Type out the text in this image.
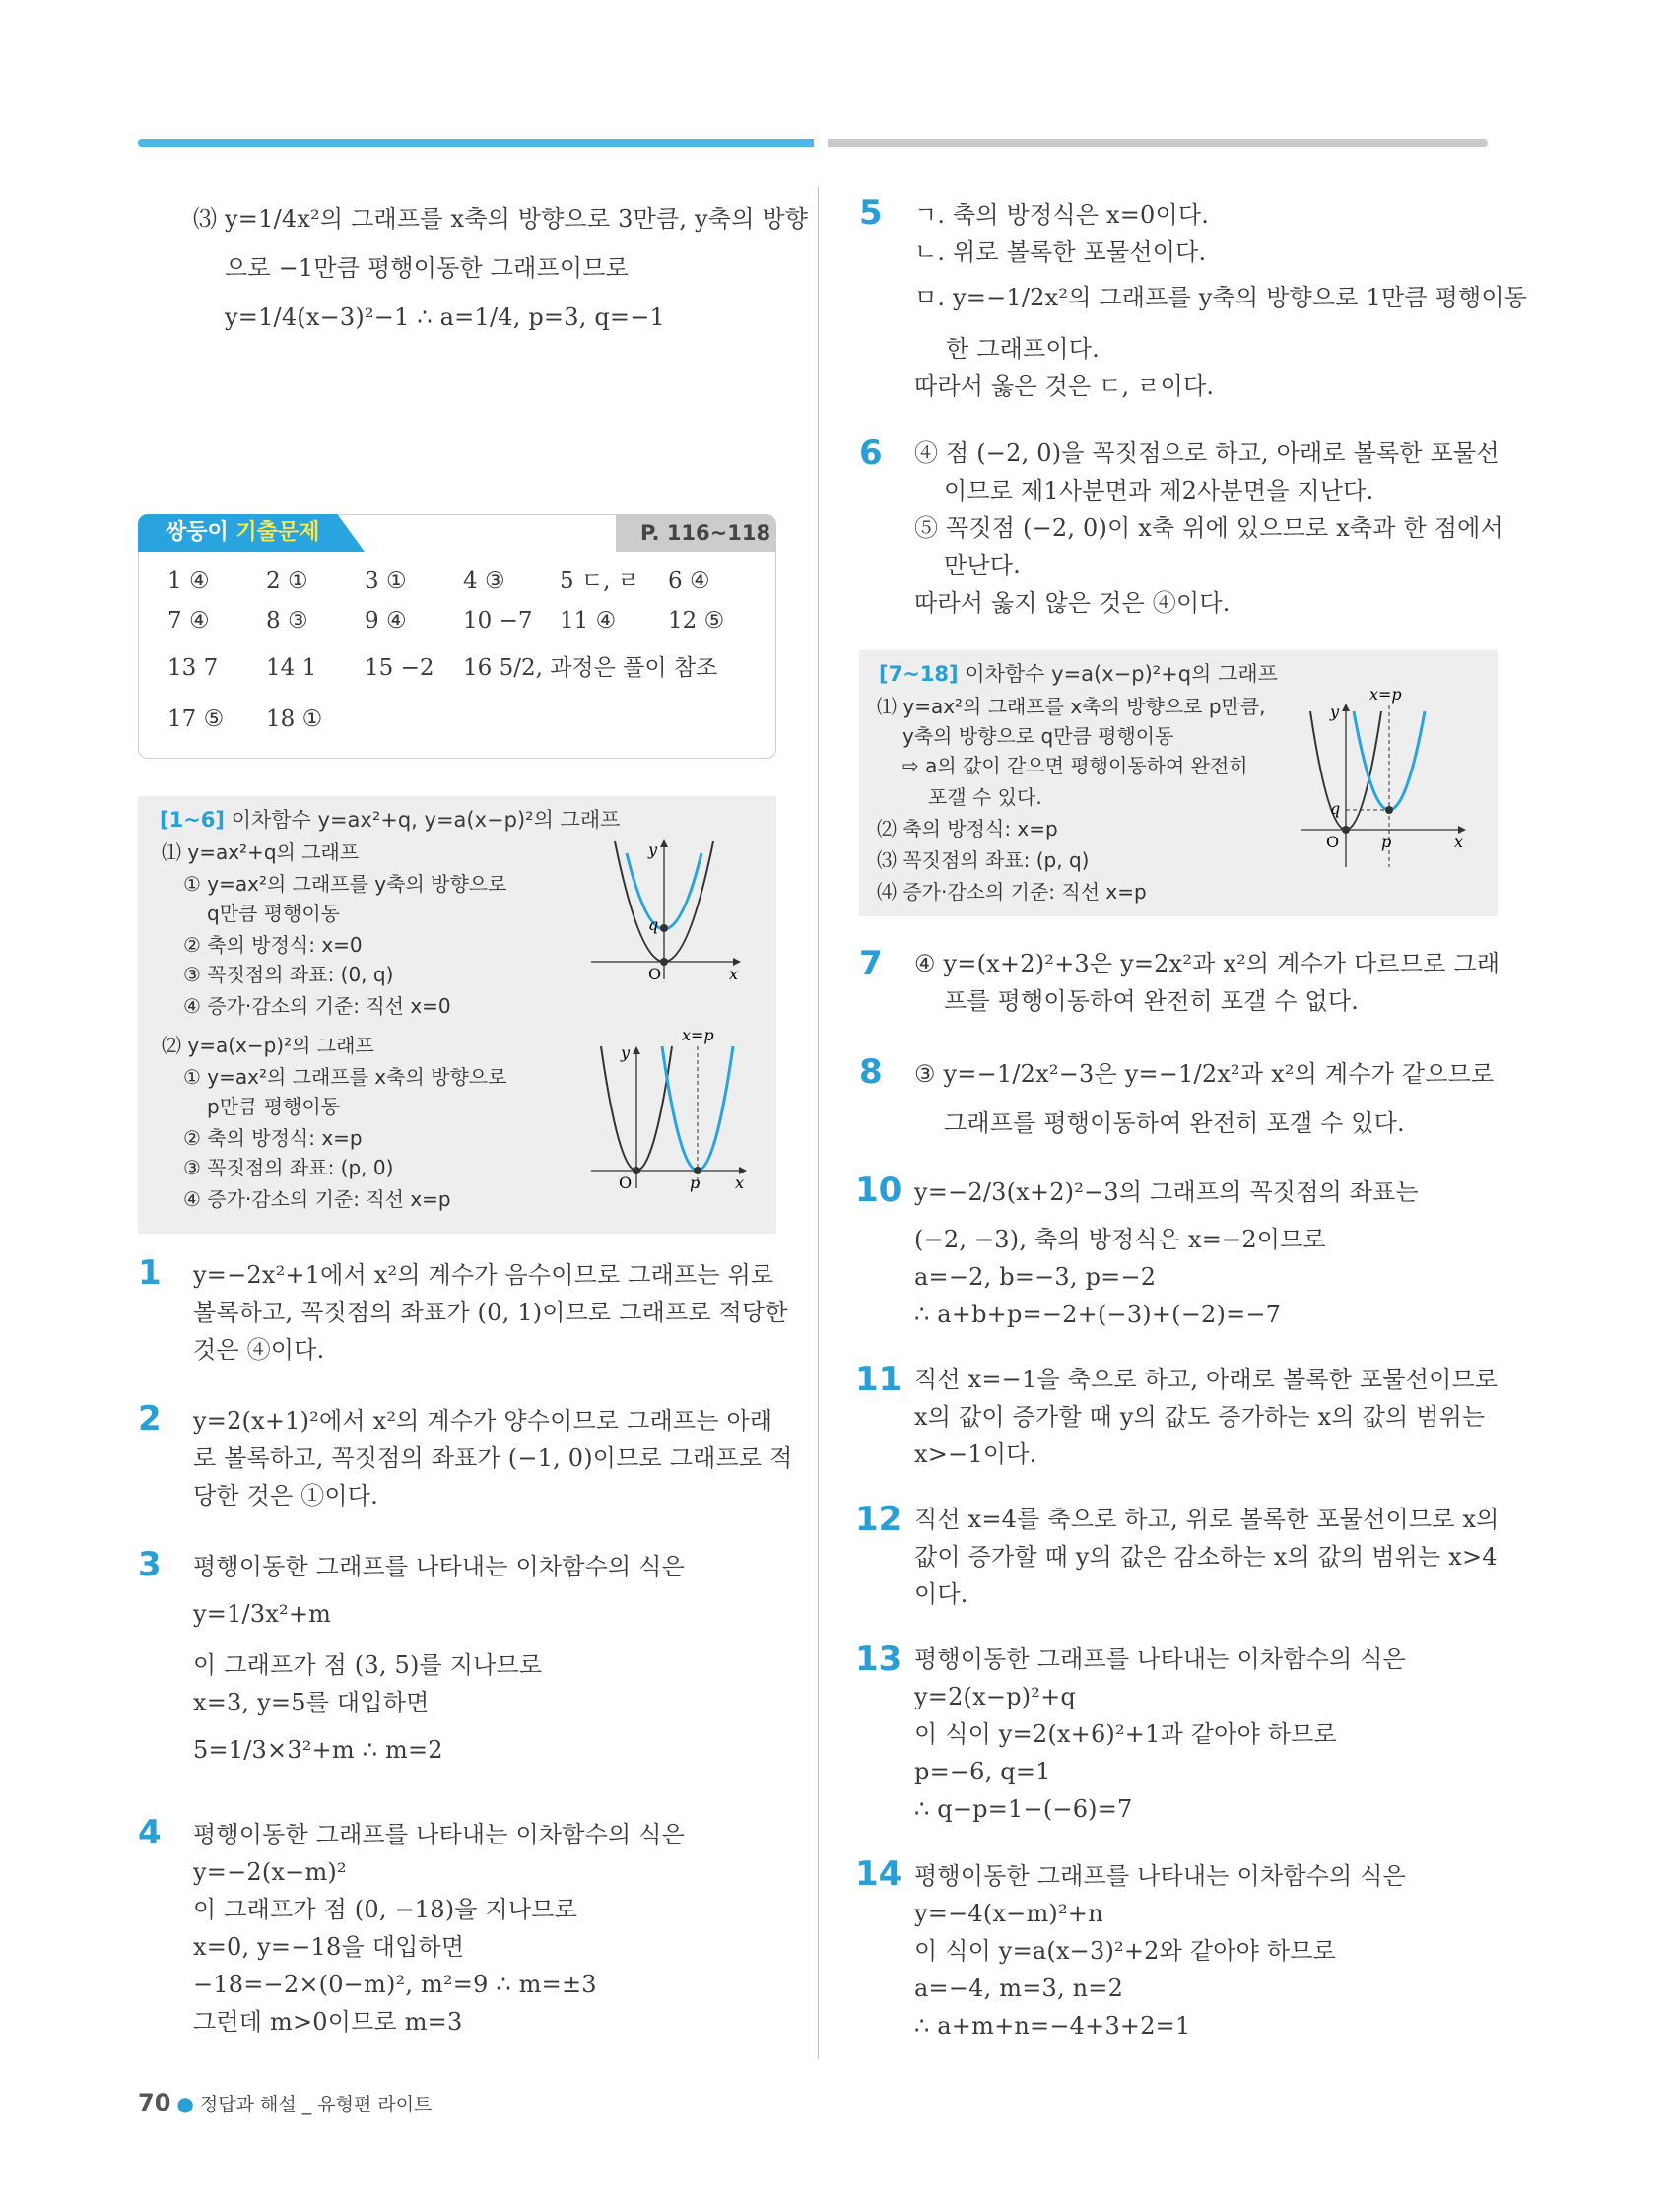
⑶ y=1/4x²의 그래프를 x축의 방향으로 3만큼, y축의 방향
으로 −1만큼 평행이동한 그래프이므로
y=1/4(x−3)²−1 ∴ a=1/4, p=3, q=−1
쌍둥이 기출문제	P. 116~118
1 ④ 2 ① 3 ① 4 ③ 5 ㄷ, ㄹ 6 ④
7 ④ 8 ③ 9 ④ 10 −7 11 ④ 12 ⑤
13 7 14 1 15 −2 16 5/2, 과정은 풀이 참조
17 ⑤ 18 ①
[1~6] 이차함수 y=ax²+q, y=a(x−p)²의 그래프
⑴ y=ax²+q의 그래프
① y=ax²의 그래프를 y축의 방향으로
q만큼 평행이동
② 축의 방정식: x=0
③ 꼭짓점의 좌표: (0, q)
④ 증가·감소의 기준: 직선 x=0
⑵ y=a(x−p)²의 그래프
① y=ax²의 그래프를 x축의 방향으로
p만큼 평행이동
② 축의 방정식: x=p
③ 꼭짓점의 좌표: (p, 0)
④ 증가·감소의 기준: 직선 x=p
y
q
O	x
y
x=p
O	p x
1 y=−2x²+1에서 x²의 계수가 음수이므로 그래프는 위로
볼록하고, 꼭짓점의 좌표가 (0, 1)이므로 그래프로 적당한
것은 ④이다.
2 y=2(x+1)²에서 x²의 계수가 양수이므로 그래프는 아래
로 볼록하고, 꼭짓점의 좌표가 (−1, 0)이므로 그래프로 적
당한 것은 ①이다.
3 평행이동한 그래프를 나타내는 이차함수의 식은
y=1/3x²+m
이 그래프가 점 (3, 5)를 지나므로
x=3, y=5를 대입하면
5=1/3×3²+m ∴ m=2
4 평행이동한 그래프를 나타내는 이차함수의 식은
y=−2(x−m)²
이 그래프가 점 (0, −18)을 지나므로
x=0, y=−18을 대입하면
−18=−2×(0−m)², m²=9 ∴ m=±3
그런데 m>0이므로 m=3
5 ㄱ. 축의 방정식은 x=0이다.
ㄴ. 위로 볼록한 포물선이다.
ㅁ. y=−1/2x²의 그래프를 y축의 방향으로 1만큼 평행이동
한 그래프이다.
따라서 옳은 것은 ㄷ, ㄹ이다.
6 ④ 점 (−2, 0)을 꼭짓점으로 하고, 아래로 볼록한 포물선
이므로 제1사분면과 제2사분면을 지난다.
⑤ 꼭짓점 (−2, 0)이 x축 위에 있으므로 x축과 한 점에서
만난다.
따라서 옳지 않은 것은 ④이다.
[7~18] 이차함수 y=a(x−p)²+q의 그래프
⑴ y=ax²의 그래프를 x축의 방향으로 p만큼,
y축의 방향으로 q만큼 평행이동
⇨ a의 값이 같으면 평행이동하여 완전히
포갤 수 있다.
⑵ 축의 방정식: x=p
⑶ 꼭짓점의 좌표: (p, q)
⑷ 증가·감소의 기준: 직선 x=p
y
x=p
q
O	p	x
7 ④ y=(x+2)²+3은 y=2x²과 x²의 계수가 다르므로 그래
프를 평행이동하여 완전히 포갤 수 없다.
8 ③ y=−1/2x²−3은 y=−1/2x²과 x²의 계수가 같으므로
그래프를 평행이동하여 완전히 포갤 수 있다.
10 y=−2/3(x+2)²−3의 그래프의 꼭짓점의 좌표는
(−2, −3), 축의 방정식은 x=−2이므로
a=−2, b=−3, p=−2
∴ a+b+p=−2+(−3)+(−2)=−7
11 직선 x=−1을 축으로 하고, 아래로 볼록한 포물선이므로
x의 값이 증가할 때 y의 값도 증가하는 x의 값의 범위는
x>−1이다.
12 직선 x=4를 축으로 하고, 위로 볼록한 포물선이므로 x의
값이 증가할 때 y의 값은 감소하는 x의 값의 범위는 x>4
이다.
13 평행이동한 그래프를 나타내는 이차함수의 식은
y=2(x−p)²+q
이 식이 y=2(x+6)²+1과 같아야 하므로
p=−6, q=1
∴ q−p=1−(−6)=7
14 평행이동한 그래프를 나타내는 이차함수의 식은
y=−4(x−m)²+n
이 식이 y=a(x−3)²+2와 같아야 하므로
a=−4, m=3, n=2
∴ a+m+n=−4+3+2=1
70 ● 정답과 해설 _ 유형편 라이트
